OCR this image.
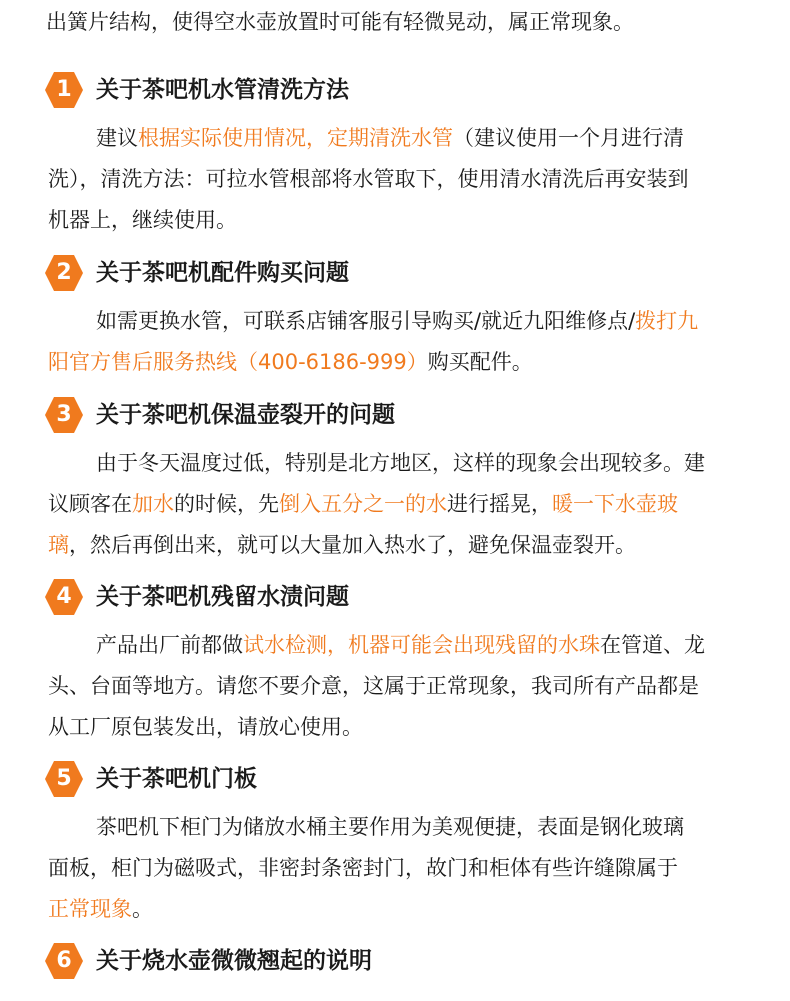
出簧片结构，使得空水壶放置时可能有轻微晃动，属正常现象。
1	关于茶吧机水管清洗方法
建议根据实际使用情况，定期清洗水管（建议使用一个月进行清
洗），清洗方法：可拉水管根部将水管取下，使用清水清洗后再安装到
机器上，继续使用。
2	关于茶吧机配件购买问题
如需更换水管，可联系店铺客服引导购买/就近九阳维修点/拨打九
阳官方售后服务热线（400-6186-999）购买配件。
3	关于茶吧机保温壶裂开的问题
由于冬天温度过低，特别是北方地区，这样的现象会出现较多。建
议顾客在加水的时候，先倒入五分之一的水进行摇晃，暖一下水壶玻
璃，然后再倒出来，就可以大量加入热水了，避免保温壶裂开。
4	关于茶吧机残留水渍问题
产品出厂前都做试水检测，机器可能会出现残留的水珠在管道、龙
头、台面等地方。请您不要介意，这属于正常现象，我司所有产品都是
从工厂原包装发出，请放心使用。
5	关于茶吧机门板
茶吧机下柜门为储放水桶主要作用为美观便捷，表面是钢化玻璃
面板，柜门为磁吸式，非密封条密封门，故门和柜体有些许缝隙属于
正常现象。
6	关于烧水壶微微翘起的说明
